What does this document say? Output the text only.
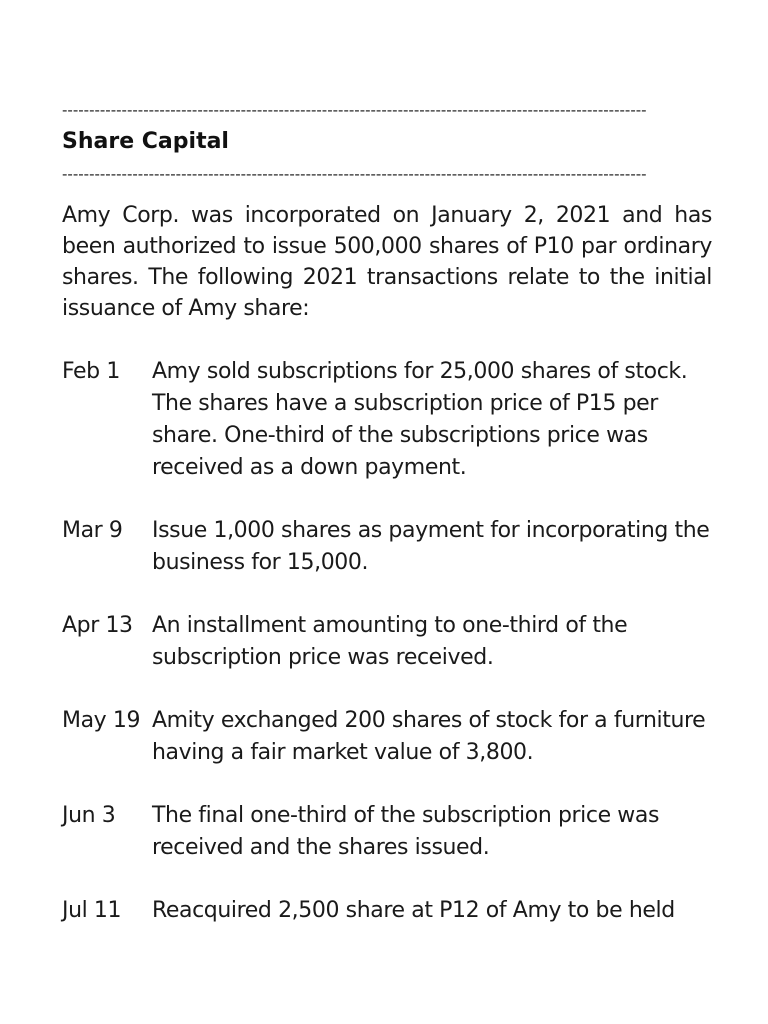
------------------------------------------------------------------------------------------------------------
Share Capital
------------------------------------------------------------------------------------------------------------

Amy Corp. was incorporated on January 2, 2021 and has been authorized to issue 500,000 shares of P10 par ordinary shares. The following 2021 transactions relate to the initial issuance of Amy share:

Feb 1	Amy sold subscriptions for 25,000 shares of stock. The shares have a subscription price of P15 per share. One-third of the subscriptions price was received as a down payment.
Mar 9	Issue 1,000 shares as payment for incorporating the business for 15,000.
Apr 13 An installment amounting to one-third of the subscription price was received.
May 19 Amity exchanged 200 shares of stock for a furniture having a fair market value of 3,800.
Jun 3	The final one-third of the subscription price was received and the shares issued.
Jul 11	Reacquired 2,500 share at P12 of Amy to be held
